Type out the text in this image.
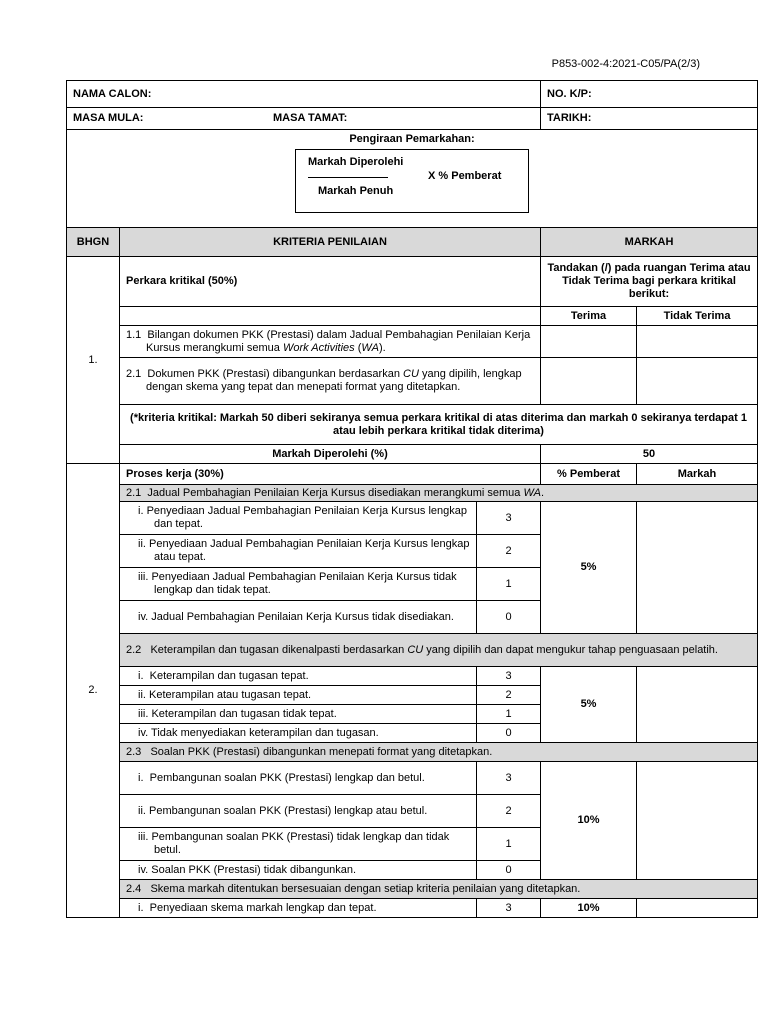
P853-002-4:2021-C05/PA(2/3)
NAMA CALON:			NO. K/P:	

MASA MULA: MASA TAMAT:			TARIKH:	

Pengiraan Pemarkahan:
Markah Diperolehi
X % Pemberat
Markah Penuh				

BHGN	KRITERIA PENILAIAN		MARKAH	
1.	Perkara kritikal (50%)		Tandakan (/) pada ruangan Terima atau Tidak Terima bagi perkara kritikal berikut:	
			Terima	Tidak Terima
	1.1 Bilangan dokumen PKK (Prestasi) dalam Jadual Pembahagian Penilaian Kerja Kursus merangkumi semua Work Activities (WA).			
	2.1 Dokumen PKK (Prestasi) dibangunkan berdasarkan CU yang dipilih, lengkap dengan skema yang tepat dan menepati format yang ditetapkan.			
	(*kriteria kritikal: Markah 50 diberi sekiranya semua perkara kritikal di atas diterima dan markah 0 sekiranya terdapat 1 atau lebih perkara kritikal tidak diterima)			
	Markah Diperolehi (%)		50	
2.	Proses kerja (30%)		% Pemberat	Markah
	2.1 Jadual Pembahagian Penilaian Kerja Kursus disediakan merangkumi semua WA.			
	i. Penyediaan Jadual Pembahagian Penilaian Kerja Kursus lengkap dan tepat.	3	5%	
	ii. Penyediaan Jadual Pembahagian Penilaian Kerja Kursus lengkap atau tepat.	2		
	iii. Penyediaan Jadual Pembahagian Penilaian Kerja Kursus tidak lengkap dan tidak tepat.	1		
	iv. Jadual Pembahagian Penilaian Kerja Kursus tidak disediakan.	0		
	2.2 Keterampilan dan tugasan dikenalpasti berdasarkan CU yang dipilih dan dapat mengukur tahap penguasaan pelatih.			
	i. Keterampilan dan tugasan tepat.	3	5%	
	ii. Keterampilan atau tugasan tepat.	2		
	iii. Keterampilan dan tugasan tidak tepat.	1		
	iv. Tidak menyediakan keterampilan dan tugasan.	0		
	2.3 Soalan PKK (Prestasi) dibangunkan menepati format yang ditetapkan.			
	i. Pembangunan soalan PKK (Prestasi) lengkap dan betul.	3	10%	
	ii. Pembangunan soalan PKK (Prestasi) lengkap atau betul.	2		
	iii. Pembangunan soalan PKK (Prestasi) tidak lengkap dan tidak betul.	1		
	iv. Soalan PKK (Prestasi) tidak dibangunkan.	0		
	2.4 Skema markah ditentukan bersesuaian dengan setiap kriteria penilaian yang ditetapkan.			
	i. Penyediaan skema markah lengkap dan tepat.	3	10%	
